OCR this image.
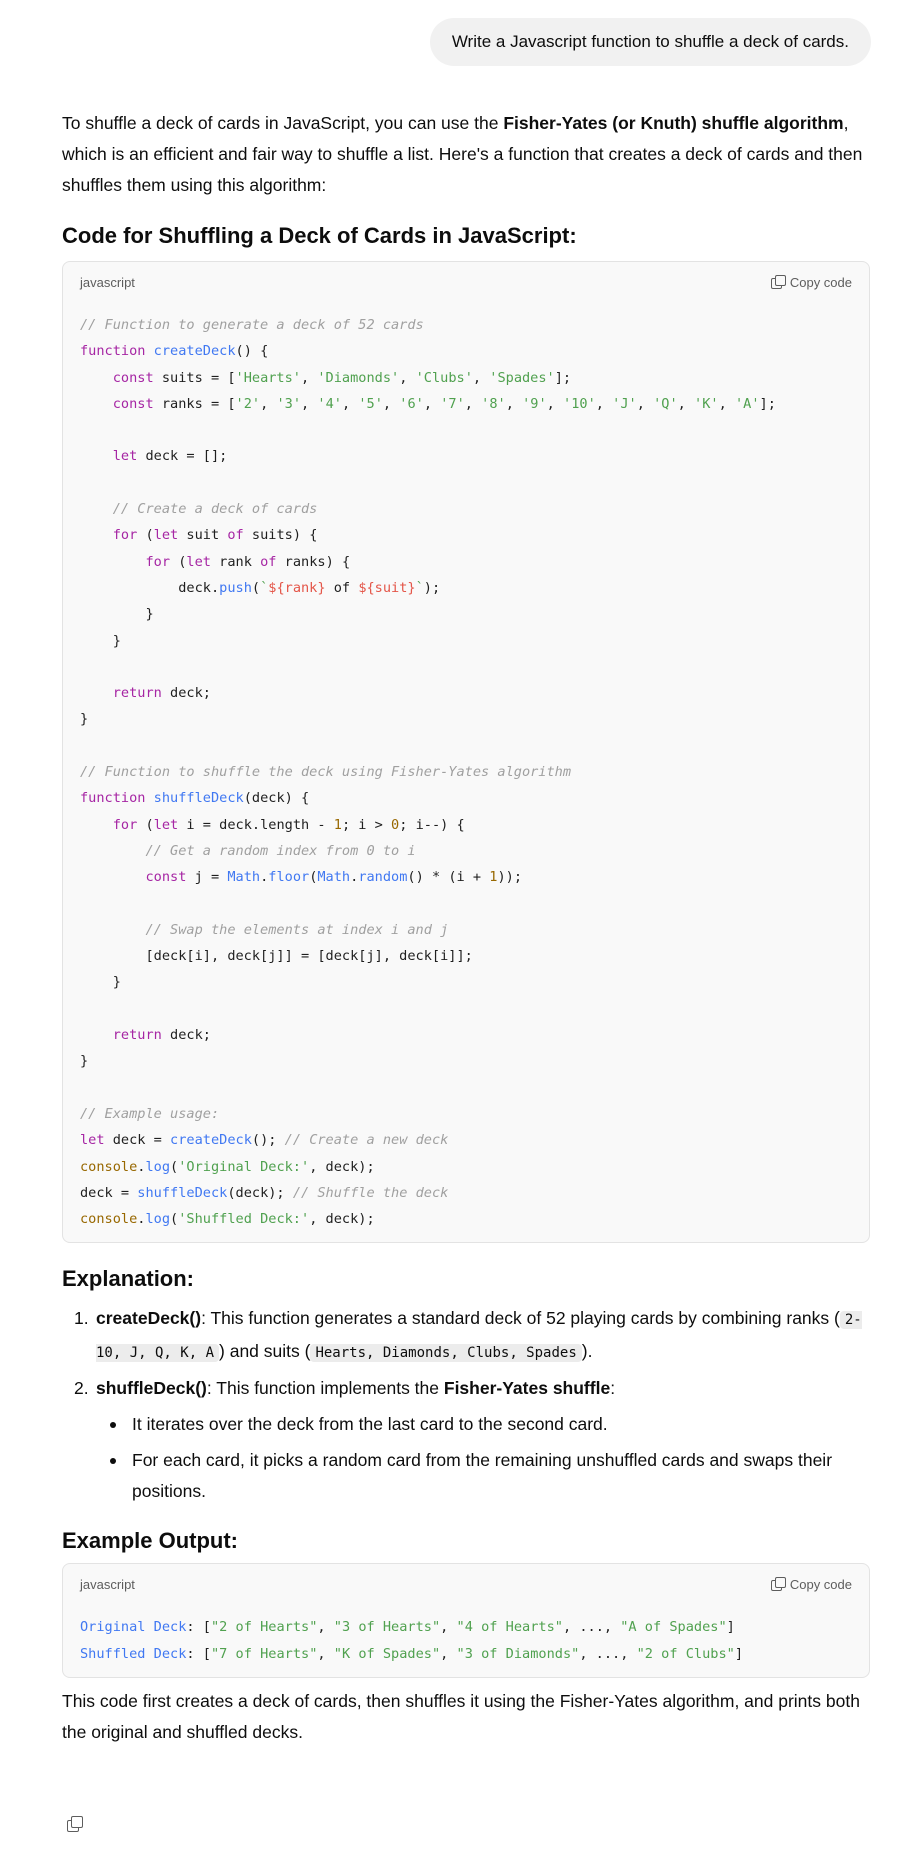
Write a Javascript function to shuffle a deck of cards.

To shuffle a deck of cards in JavaScript, you can use the Fisher-Yates (or Knuth) shuffle algorithm, which is an efficient and fair way to shuffle a list. Here's a function that creates a deck of cards and then shuffles them using this algorithm:

Code for Shuffling a Deck of Cards in JavaScript:
javascript	Copy code
// Function to generate a deck of 52 cards
function createDeck() {
const suits = ['Hearts', 'Diamonds', 'Clubs', 'Spades'];
const ranks = ['2', '3', '4', '5', '6', '7', '8', '9', '10', 'J', 'Q', 'K', 'A'];

let deck = [];

// Create a deck of cards
for (let suit of suits) {
for (let rank of ranks) {
deck.push(`${rank} of ${suit}`);
}
}

return deck;
}

// Function to shuffle the deck using Fisher-Yates algorithm
function shuffleDeck(deck) {
for (let i = deck.length - 1; i > 0; i--) {
// Get a random index from 0 to i
const j = Math.floor(Math.random() * (i + 1));

// Swap the elements at index i and j
[deck[i], deck[j]] = [deck[j], deck[i]];
}

return deck;
}

// Example usage:
let deck = createDeck(); // Create a new deck
console.log('Original Deck:', deck);
deck = shuffleDeck(deck); // Shuffle the deck
console.log('Shuffled Deck:', deck);
Explanation:
1. createDeck(): This function generates a standard deck of 52 playing cards by combining ranks ( 2-10, J, Q, K, A ) and suits ( Hearts, Diamonds, Clubs, Spades ).
2. shuffleDeck(): This function implements the Fisher-Yates shuffle:
It iterates over the deck from the last card to the second card.
For each card, it picks a random card from the remaining unshuffled cards and swaps their positions.
Example Output:
javascript	Copy code
Original Deck: ["2 of Hearts", "3 of Hearts", "4 of Hearts", ..., "A of Spades"]
Shuffled Deck: ["7 of Hearts", "K of Spades", "3 of Diamonds", ..., "2 of Clubs"]

This code first creates a deck of cards, then shuffles it using the Fisher-Yates algorithm, and prints both the original and shuffled decks.
